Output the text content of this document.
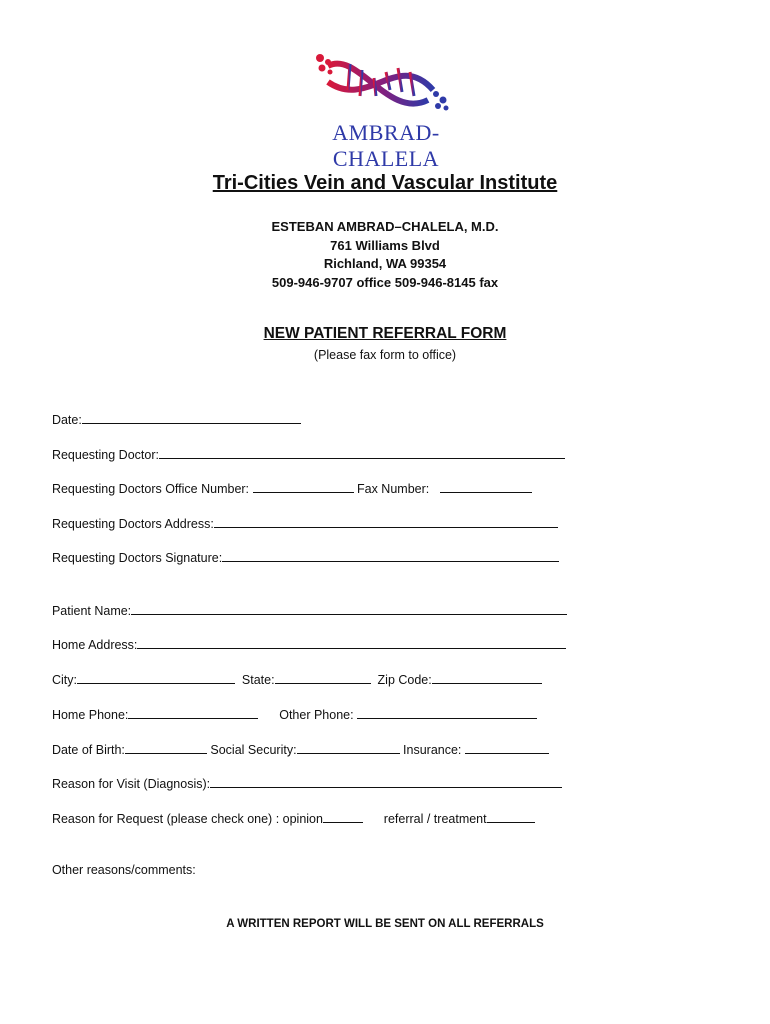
AMBRAD-CHALELA
Tri-Cities Vein and Vascular Institute
ESTEBAN AMBRAD–CHALELA, M.D.
761 Williams Blvd
Richland, WA 99354
509-946-9707 office 509-946-8145 fax
NEW PATIENT REFERRAL FORM
(Please fax form to office)

Date:

Requesting Doctor:

Requesting Doctors Office Number:	Fax Number:

Requesting Doctors Address:

Requesting Doctors Signature:

Patient Name:

Home Address:

City:	State:	Zip Code:

Home Phone:	Other Phone:

Date of Birth:	Social Security:	Insurance:

Reason for Visit (Diagnosis):

Reason for Request (please check one) : opinion	referral / treatment

Other reasons/comments:

A WRITTEN REPORT WILL BE SENT ON ALL REFERRALS
